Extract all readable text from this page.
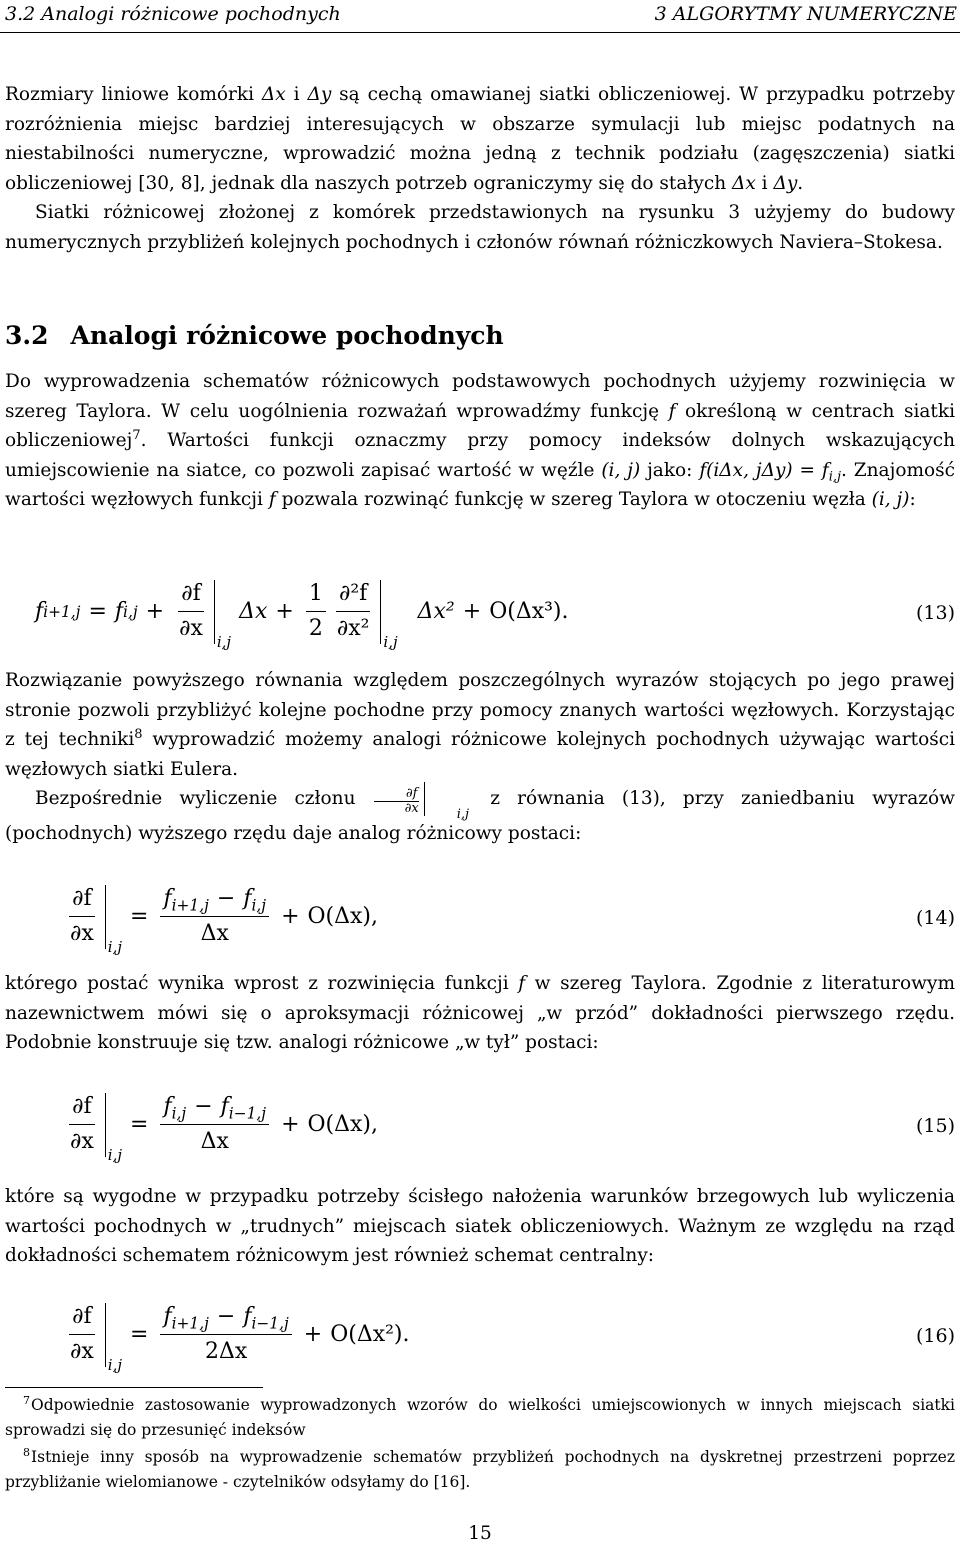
3.2 Analogi różnicowe pochodnych	3 ALGORYTMY NUMERYCZNE

Rozmiary liniowe komórki Δx i Δy są cechą omawianej siatki obliczeniowej. W przypadku potrzeby rozróżnienia miejsc bardziej interesujących w obszarze symulacji lub miejsc podatnych na niestabilności numeryczne, wprowadzić można jedną z technik podziału (zagęszczenia) siatki obliczeniowej [30, 8], jednak dla naszych potrzeb ograniczymy się do stałych Δx i Δy.

Siatki różnicowej złożonej z komórek przedstawionych na rysunku 3 użyjemy do budowy numerycznych przybliżeń kolejnych pochodnych i członów równań różniczkowych Naviera–Stokesa.

3.2 Analogi różnicowe pochodnych

Do wyprowadzenia schematów różnicowych podstawowych pochodnych użyjemy rozwinięcia w szereg Taylora. W celu uogólnienia rozważań wprowadźmy funkcję f określoną w centrach siatki obliczeniowej$^7$. Wartości funkcji oznaczmy przy pomocy indeksów dolnych wskazujących umiejscowienie na siatce, co pozwoli zapisać wartość w węźle (i, j) jako: f(iΔx, $j\Delta y) = f_{i,j}$. Znajomość wartości węzłowych funkcji f pozwala rozwinąć funkcję w szereg Taylora w otoczeniu węzła (i, j):

f i+1,j = f $i,j + \frac{\partial f}{\partial x} i,j$
$\Delta x + \frac{1}{2} \frac{\text{∂²f}}{\text{∂x²}} i,j$
Δx² + O(Δx³).	(13)

Rozwiązanie powyższego równania względem poszczególnych wyrazów stojących po jego prawej stronie pozwoli przybliżyć kolejne pochodne przy pomocy znanych wartości węzłowych. Korzystając z tej techniki$^8$ wyprowadzić możemy analogi różnicowe kolejnych pochodnych używając wartości węzłowych siatki Eulera.

Bezpośrednie wyliczenie członu $\frac{\partial f}{\partial x}$	i,j
z równania (13), przy zaniedbaniu wyrazów (pochodnych) wyższego rzędu daje analog różnicowy postaci:

$\frac{\partial f}{\partial x} i,j$
= $\frac{f_{i+1,j} - f_{i,j}}{\Delta x} + O(\Delta x)$,	(14)

którego postać wynika wprost z rozwinięcia funkcji f w szereg Taylora. Zgodnie z literaturowym nazewnictwem mówi się o aproksymacji różnicowej „w przód” dokładności pierwszego rzędu. Podobnie konstruuje się tzw. analogi różnicowe „w tył” postaci:

$\frac{\partial f}{\partial x} i,j$
= $\frac{f_{i,j} - f_{i-1,j}}{\Delta x} + O(\Delta x)$,	(15)

które są wygodne w przypadku potrzeby ścisłego nałożenia warunków brzegowych lub wyliczenia wartości pochodnych w „trudnych” miejscach siatek obliczeniowych. Ważnym ze względu na rząd dokładności schematem różnicowym jest również schemat centralny:

$\frac{\partial f}{\partial x} i,j$
= $\frac{f_{i+1,j} - f_{i-1,j}}{2\Delta x} + O(\Delta x^2)$.	(16)

$^7$Odpowiednie zastosowanie wyprowadzonych wzorów do wielkości umiejscowionych w innych miejscach siatki sprowadzi się do przesunięć indeksów

$^8$Istnieje inny sposób na wyprowadzenie schematów przybliżeń pochodnych na dyskretnej przestrzeni poprzez przybliżanie wielomianowe - czytelników odsyłamy do [16].

15
